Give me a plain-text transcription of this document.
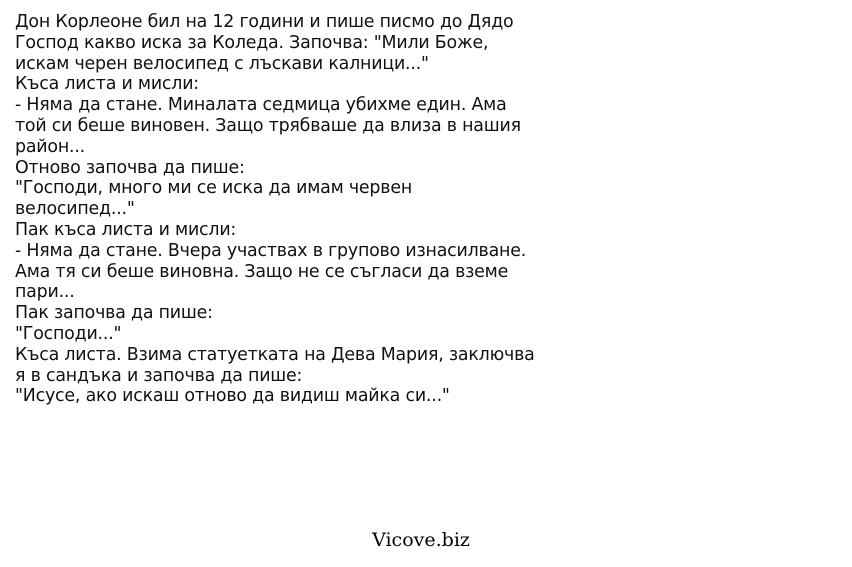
Дон Корлеоне бил на 12 години и пише писмо до Дядо
Господ какво иска за Коледа. Започва: "Мили Боже,
искам черен велосипед с лъскави калници..."
Къса листа и мисли:
- Няма да стане. Миналата седмица убихме един. Ама
той си беше виновен. Защо трябваше да влиза в нашия
район...
Отново започва да пише:
"Господи, много ми се иска да имам червен
велосипед..."
Пак къса листа и мисли:
- Няма да стане. Вчера участвах в групово изнасилване.
Ама тя си беше виновна. Защо не се съгласи да вземе
пари...
Пак започва да пише:
"Господи..."
Къса листа. Взима статуетката на Дева Мария, заключва
я в сандъка и започва да пише:
"Исусе, ако искаш отново да видиш майка си..."
Vicove.biz
